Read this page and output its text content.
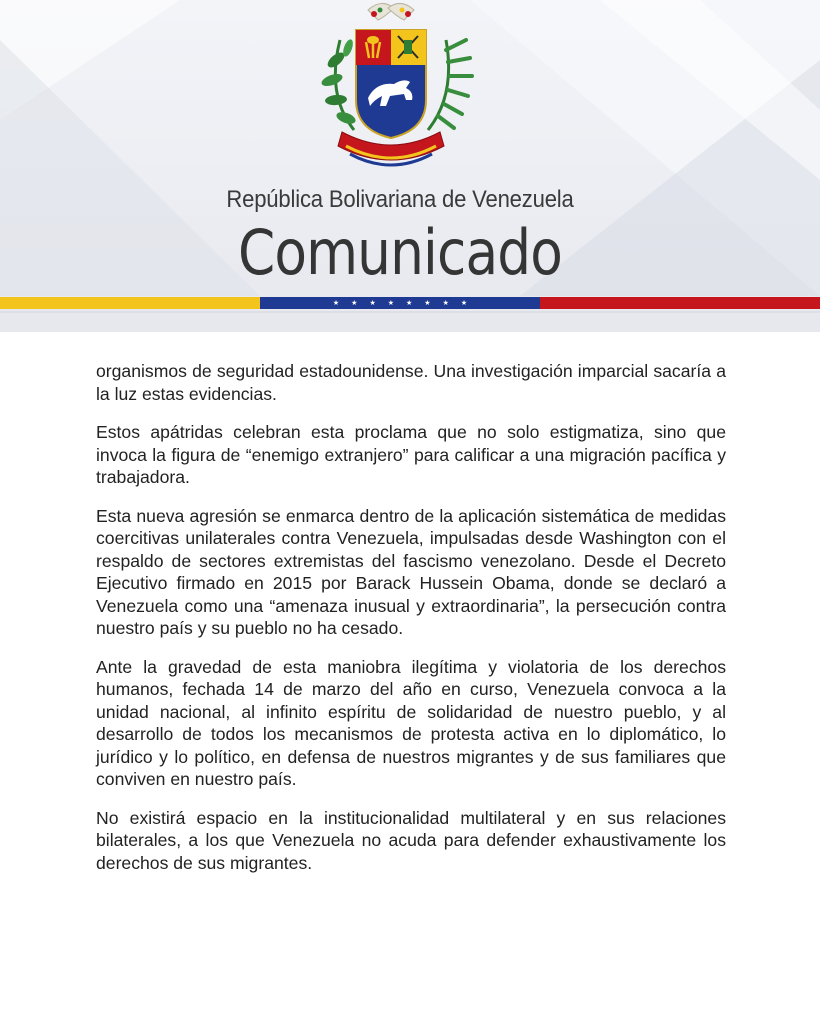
República Bolivariana de Venezuela
Comunicado
★ ★ ★ ★ ★ ★ ★ ★

organismos de seguridad estadounidense. Una investigación imparcial sacaría a la luz estas evidencias.

Estos apátridas celebran esta proclama que no solo estigmatiza, sino que invoca la figura de “enemigo extranjero” para calificar a una migración pacífica y trabajadora.

Esta nueva agresión se enmarca dentro de la aplicación sistemática de medidas coercitivas unilaterales contra Venezuela, impulsadas desde Washington con el respaldo de sectores extremistas del fascismo venezolano. Desde el Decreto Ejecutivo firmado en 2015 por Barack Hussein Obama, donde se declaró a Venezuela como una “amenaza inusual y extraordinaria”, la persecución contra nuestro país y su pueblo no ha cesado.

Ante la gravedad de esta maniobra ilegítima y violatoria de los derechos humanos, fechada 14 de marzo del año en curso, Venezuela convoca a la unidad nacional, al infinito espíritu de solidaridad de nuestro pueblo, y al desarrollo de todos los mecanismos de protesta activa en lo diplomático, lo jurídico y lo político, en defensa de nuestros migrantes y de sus familiares que conviven en nuestro país.

No existirá espacio en la institucionalidad multilateral y en sus relaciones bilaterales, a los que Venezuela no acuda para defender exhaustivamente los derechos de sus migrantes.
